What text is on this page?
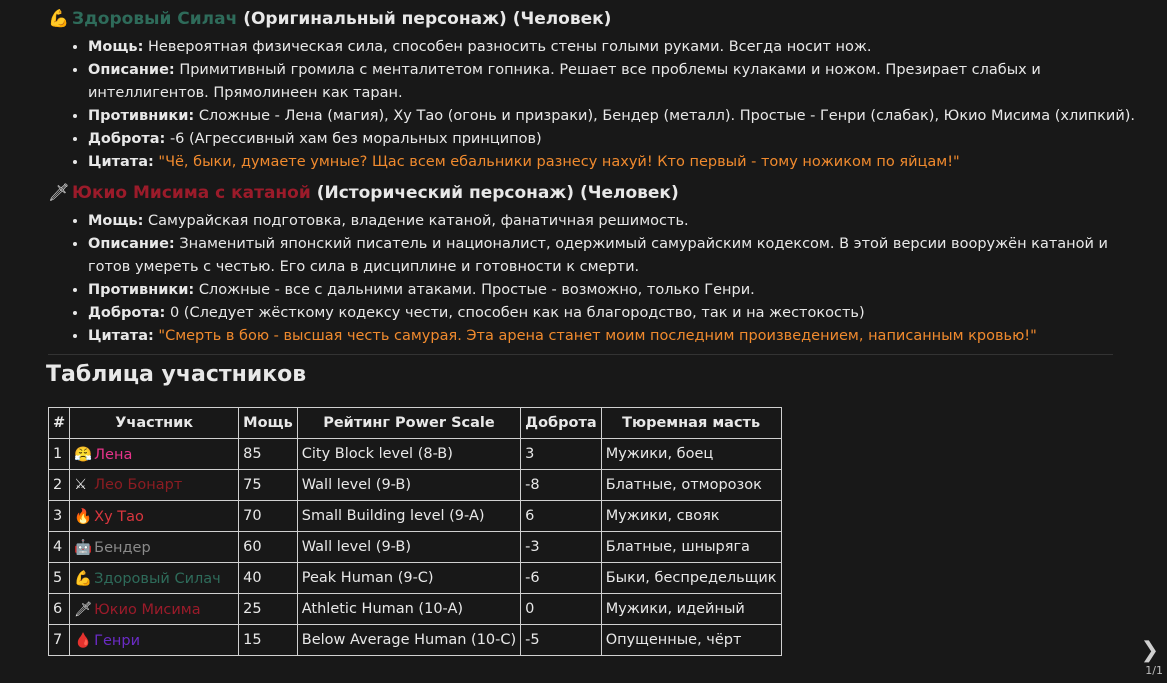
💪 Здоровый Силач (Оригинальный персонаж) (Человек)
• Мощь: Невероятная физическая сила, способен разносить стены голыми руками. Всегда носит нож.
• Описание: Примитивный громила с менталитетом гопника. Решает все проблемы кулаками и ножом. Презирает слабых и интеллигентов. Прямолинеен как таран.
• Противники: Сложные - Лена (магия), Ху Тао (огонь и призраки), Бендер (металл). Простые - Генри (слабак), Юкио Мисима (хлипкий).
• Доброта: -6 (Агрессивный хам без моральных принципов)
• Цитата: "Чё, быки, думаете умные? Щас всем ебальники разнесу нахуй! Кто первый - тому ножиком по яйцам!"
🗡 Юкио Мисима с катаной (Исторический персонаж) (Человек)
• Мощь: Самурайская подготовка, владение катаной, фанатичная решимость.
• Описание: Знаменитый японский писатель и националист, одержимый самурайским кодексом. В этой версии вооружён катаной и готов умереть с честью. Его сила в дисциплине и готовности к смерти.
• Противники: Сложные - все с дальними атаками. Простые - возможно, только Генри.
• Доброта: 0 (Следует жёсткому кодексу чести, способен как на благородство, так и на жестокость)
• Цитата: "Смерть в бою - высшая честь самурая. Эта арена станет моим последним произведением, написанным кровью!"
Таблица участников
#	Участник	Мощь	Рейтинг Power Scale	Доброта	Тюремная масть
1	😤 Лена	85	City Block level (8-B)	3	Мужики, боец
2	⚔ Лео Бонарт	75	Wall level (9-B)	-8	Блатные, отморозок
3	🔥 Ху Тао	70	Small Building level (9-A)	6	Мужики, свояк
4	🤖 Бендер	60	Wall level (9-B)	-3	Блатные, шныряга
5	💪 Здоровый Силач	40	Peak Human (9-C)	-6	Быки, беспредельщик
6	🗡 Юкио Мисима	25	Athletic Human (10-A)	0	Мужики, идейный
7	🩸 Генри	15	Below Average Human (10-C)	-5	Опущенные, чёрт	❯
1/1
